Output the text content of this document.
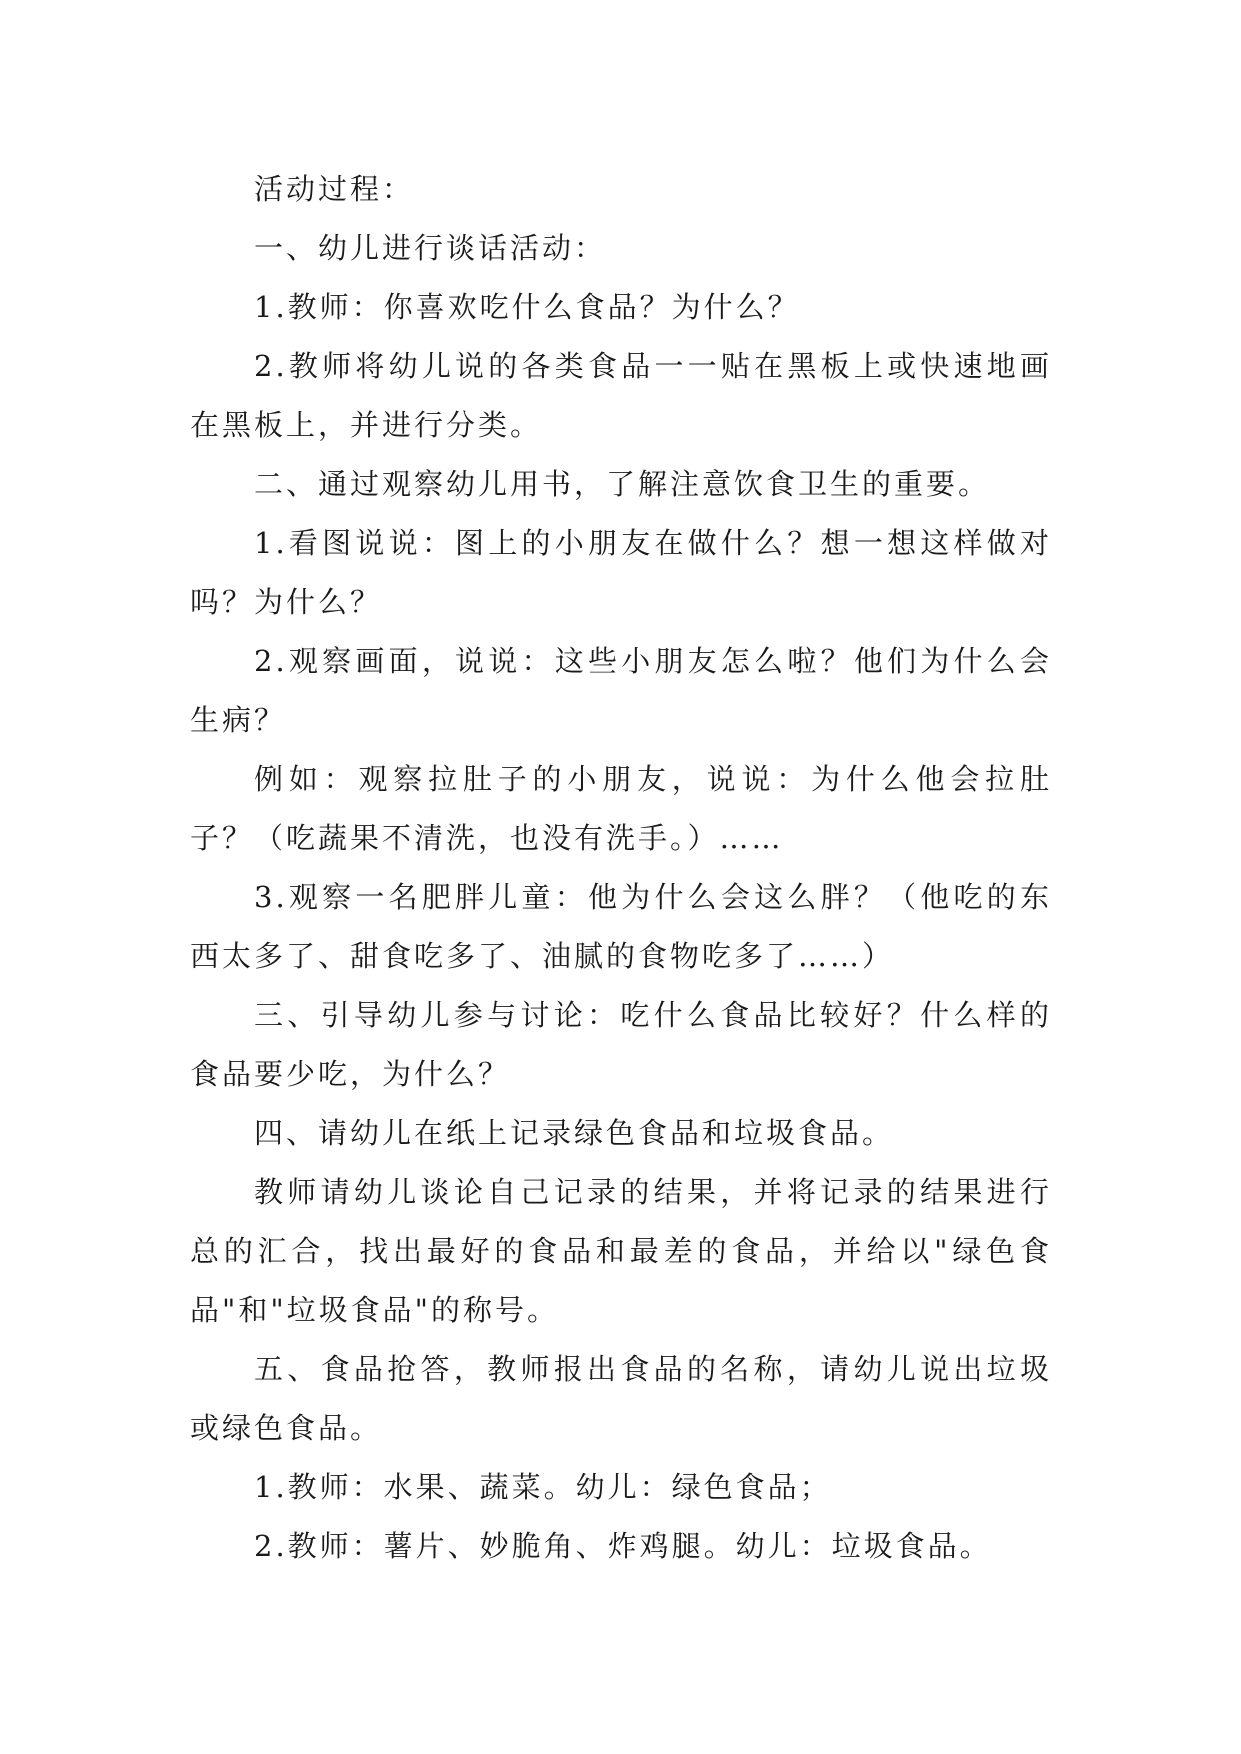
活动过程：

一、幼儿进行谈话活动：

1.教师：你喜欢吃什么食品？为什么？

2.教师将幼儿说的各类食品一一贴在黑板上或快速地画在黑板上，并进行分类。

二、通过观察幼儿用书，了解注意饮食卫生的重要。

1.看图说说：图上的小朋友在做什么？想一想这样做对吗？为什么？

2.观察画面，说说：这些小朋友怎么啦？他们为什么会生病？

例如：观察拉肚子的小朋友，说说：为什么他会拉肚子？（吃蔬果不清洗，也没有洗手。）……

3.观察一名肥胖儿童：他为什么会这么胖？（他吃的东西太多了、甜食吃多了、油腻的食物吃多了……）

三、引导幼儿参与讨论：吃什么食品比较好？什么样的食品要少吃，为什么？

四、请幼儿在纸上记录绿色食品和垃圾食品。

教师请幼儿谈论自己记录的结果，并将记录的结果进行总的汇合，找出最好的食品和最差的食品，并给以"绿色食品"和"垃圾食品"的称号。

五、食品抢答，教师报出食品的名称，请幼儿说出垃圾或绿色食品。

1.教师：水果、蔬菜。幼儿：绿色食品；

2.教师：薯片、妙脆角、炸鸡腿。幼儿：垃圾食品。
